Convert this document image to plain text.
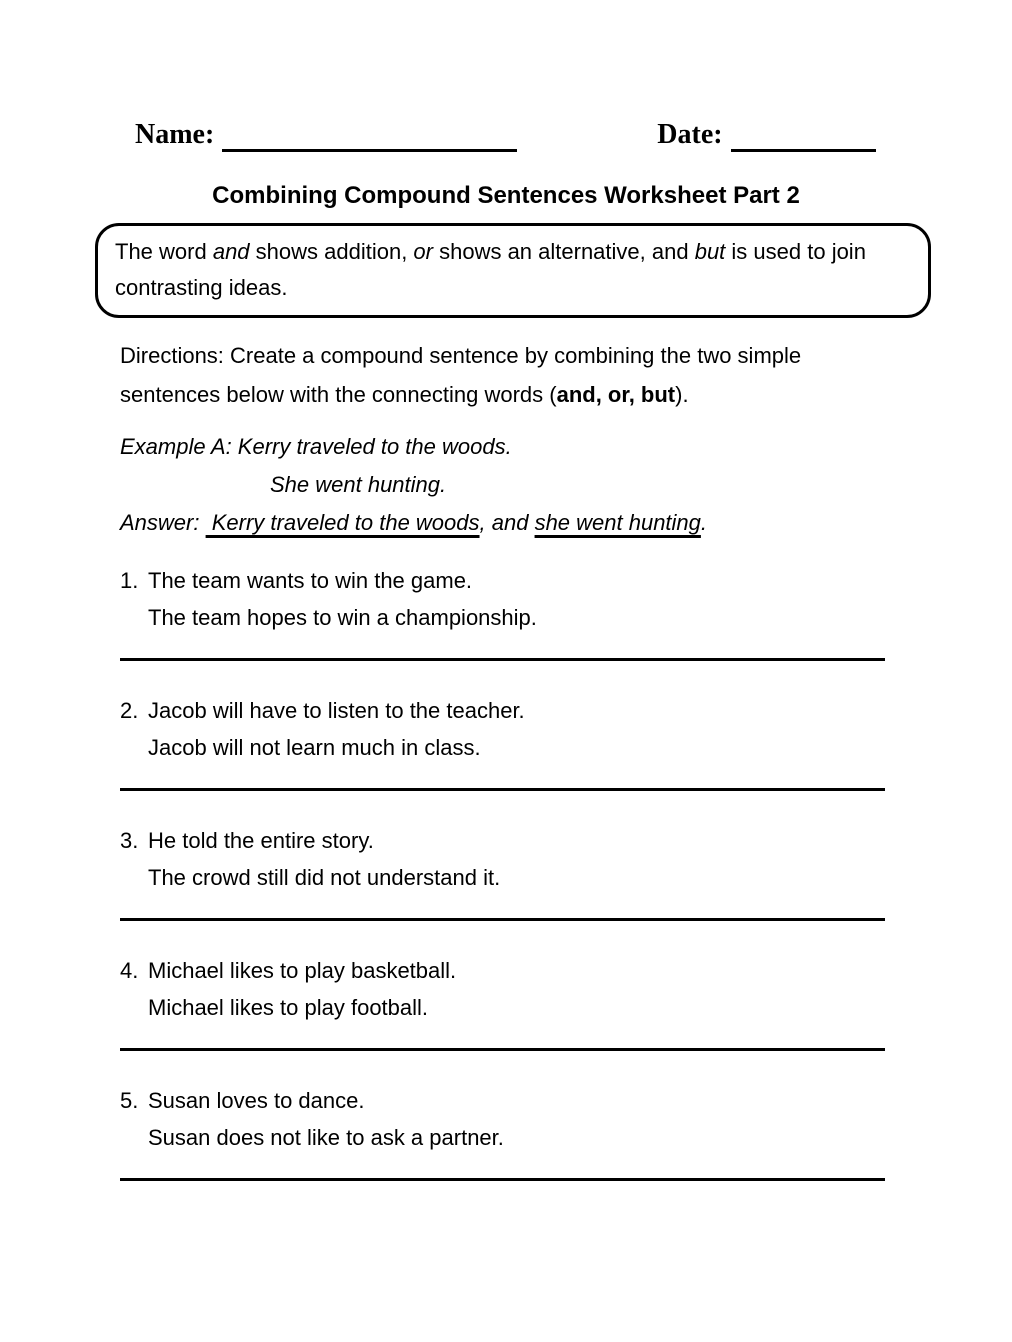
Name:	Date:
Combining Compound Sentences Worksheet Part 2
The word and shows addition, or shows an alternative, and but is used to join contrasting ideas.
Directions: Create a compound sentence by combining the two simple sentences below with the connecting words (and, or, but).
Example A: Kerry traveled to the woods.
She went hunting.
Answer:  Kerry traveled to the woods, and she went hunting.
1. The team wants to win the game.
The team hopes to win a championship.
2. Jacob will have to listen to the teacher.
Jacob will not learn much in class.
3. He told the entire story.
The crowd still did not understand it.
4. Michael likes to play basketball.
Michael likes to play football.
5. Susan loves to dance.
Susan does not like to ask a partner.
